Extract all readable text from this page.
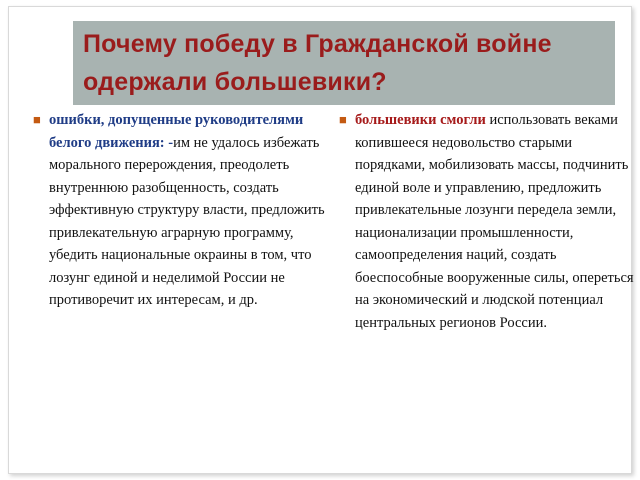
Почему победу в Гражданской войне одержали большевики?
■ ошибки, допущенные руководителями белого движения: -им не удалось избежать морального перерождения, преодолеть внутреннюю разобщенность, создать эффективную структуру власти, предложить привлекательную аграрную программу, убедить национальные окраины в том, что лозунг единой и неделимой России не противоречит их интересам, и др.
■ большевики смогли использовать веками копившееся недовольство старыми порядками, мобилизовать массы, подчинить единой воле и управлению, предложить привлекательные лозунги передела земли, национализации промышленности, самоопределения наций, создать боеспособные вооруженные силы, опереться на экономический и людской потенциал центральных регионов России.
